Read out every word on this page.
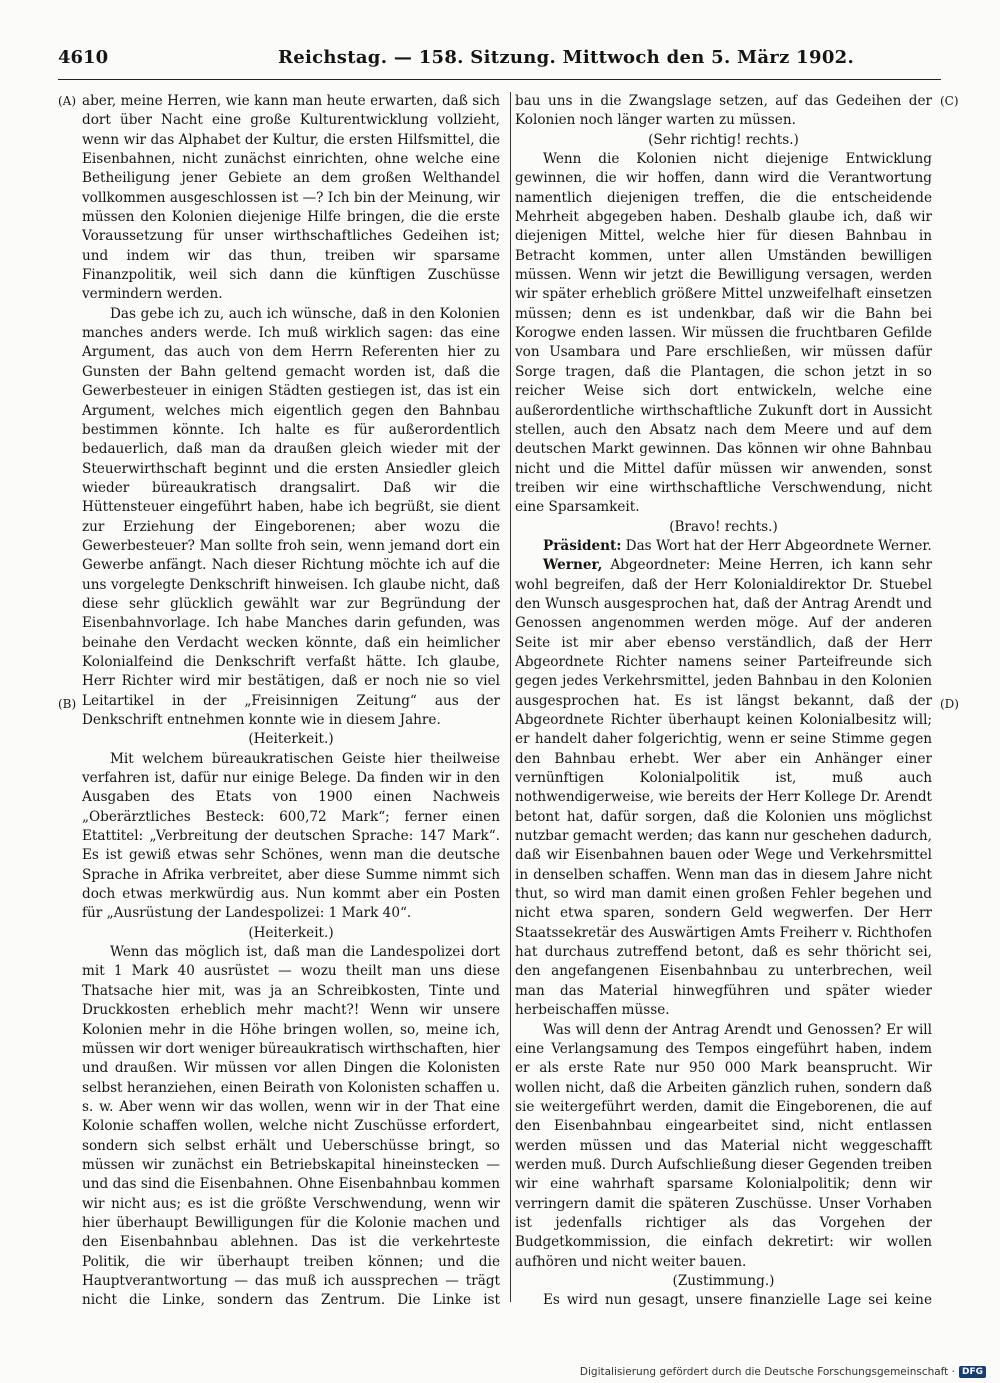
4610	Reichstag. — 158. Sitzung. Mittwoch den 5. März 1902.
(A)
(B)
(C)
(D)

aber, meine Herren, wie kann man heute erwarten, daß sich dort über Nacht eine große Kulturentwicklung vollzieht, wenn wir das Alphabet der Kultur, die ersten Hilfsmittel, die Eisenbahnen, nicht zunächst einrichten, ohne welche eine Betheiligung jener Gebiete an dem großen Welthandel vollkommen ausgeschlossen ist —? Ich bin der Meinung, wir müssen den Kolonien diejenige Hilfe bringen, die die erste Voraussetzung für unser wirthschaftliches Gedeihen ist; und indem wir das thun, treiben wir sparsame Finanzpolitik, weil sich dann die künftigen Zuschüsse vermindern werden.

Das gebe ich zu, auch ich wünsche, daß in den Kolonien manches anders werde. Ich muß wirklich sagen: das eine Argument, das auch von dem Herrn Referenten hier zu Gunsten der Bahn geltend gemacht worden ist, daß die Gewerbesteuer in einigen Städten gestiegen ist, das ist ein Argument, welches mich eigentlich gegen den Bahnbau bestimmen könnte. Ich halte es für außerordentlich bedauerlich, daß man da draußen gleich wieder mit der Steuerwirthschaft beginnt und die ersten Ansiedler gleich wieder büreaukratisch drangsalirt. Daß wir die Hüttensteuer eingeführt haben, habe ich begrüßt, sie dient zur Erziehung der Eingeborenen; aber wozu die Gewerbesteuer? Man sollte froh sein, wenn jemand dort ein Gewerbe anfängt. Nach dieser Richtung möchte ich auf die uns vorgelegte Denkschrift hinweisen. Ich glaube nicht, daß diese sehr glücklich gewählt war zur Begründung der Eisenbahnvorlage. Ich habe Manches darin gefunden, was beinahe den Verdacht wecken könnte, daß ein heimlicher Kolonialfeind die Denkschrift verfaßt hätte. Ich glaube, Herr Richter wird mir bestätigen, daß er noch nie so viel Leitartikel in der „Freisinnigen Zeitung“ aus der Denkschrift entnehmen konnte wie in diesem Jahre.

(Heiterkeit.)

Mit welchem büreaukratischen Geiste hier theilweise verfahren ist, dafür nur einige Belege. Da finden wir in den Ausgaben des Etats von 1900 einen Nachweis „Oberärztliches Besteck: 600,72 Mark“; ferner einen Etattitel: „Verbreitung der deutschen Sprache: 147 Mark“. Es ist gewiß etwas sehr Schönes, wenn man die deutsche Sprache in Afrika verbreitet, aber diese Summe nimmt sich doch etwas merkwürdig aus. Nun kommt aber ein Posten für „Ausrüstung der Landespolizei: 1 Mark 40“.

(Heiterkeit.)

Wenn das möglich ist, daß man die Landespolizei dort mit 1 Mark 40 ausrüstet — wozu theilt man uns diese Thatsache hier mit, was ja an Schreibkosten, Tinte und Druckkosten erheblich mehr macht?! Wenn wir unsere Kolonien mehr in die Höhe bringen wollen, so, meine ich, müssen wir dort weniger büreaukratisch wirthschaften, hier und draußen. Wir müssen vor allen Dingen die Kolonisten selbst heranziehen, einen Beirath von Kolonisten schaffen u. s. w. Aber wenn wir das wollen, wenn wir in der That eine Kolonie schaffen wollen, welche nicht Zuschüsse erfordert, sondern sich selbst erhält und Ueberschüsse bringt, so müssen wir zunächst ein Betriebskapital hineinstecken — und das sind die Eisenbahnen. Ohne Eisenbahnbau kommen wir nicht aus; es ist die größte Verschwendung, wenn wir hier überhaupt Bewilligungen für die Kolonie machen und den Eisenbahnbau ablehnen. Das ist die verkehrteste Politik, die wir überhaupt treiben können; und die Hauptverantwortung — das muß ich aussprechen — trägt nicht die Linke, sondern das Zentrum. Die Linke ist

bau uns in die Zwangslage setzen, auf das Gedeihen der Kolonien noch länger warten zu müssen.

(Sehr richtig! rechts.)

Wenn die Kolonien nicht diejenige Entwicklung gewinnen, die wir hoffen, dann wird die Verantwortung namentlich diejenigen treffen, die die entscheidende Mehrheit abgegeben haben. Deshalb glaube ich, daß wir diejenigen Mittel, welche hier für diesen Bahnbau in Betracht kommen, unter allen Umständen bewilligen müssen. Wenn wir jetzt die Bewilligung versagen, werden wir später erheblich größere Mittel unzweifelhaft einsetzen müssen; denn es ist undenkbar, daß wir die Bahn bei Korogwe enden lassen. Wir müssen die fruchtbaren Gefilde von Usambara und Pare erschließen, wir müssen dafür Sorge tragen, daß die Plantagen, die schon jetzt in so reicher Weise sich dort entwickeln, welche eine außerordentliche wirthschaftliche Zukunft dort in Aussicht stellen, auch den Absatz nach dem Meere und auf dem deutschen Markt gewinnen. Das können wir ohne Bahnbau nicht und die Mittel dafür müssen wir anwenden, sonst treiben wir eine wirthschaftliche Verschwendung, nicht eine Sparsamkeit.

(Bravo! rechts.)

Präsident: Das Wort hat der Herr Abgeordnete Werner.

Werner, Abgeordneter: Meine Herren, ich kann sehr wohl begreifen, daß der Herr Kolonialdirektor Dr. Stuebel den Wunsch ausgesprochen hat, daß der Antrag Arendt und Genossen angenommen werden möge. Auf der anderen Seite ist mir aber ebenso verständlich, daß der Herr Abgeordnete Richter namens seiner Parteifreunde sich gegen jedes Verkehrsmittel, jeden Bahnbau in den Kolonien ausgesprochen hat. Es ist längst bekannt, daß der Abgeordnete Richter überhaupt keinen Kolonialbesitz will; er handelt daher folgerichtig, wenn er seine Stimme gegen den Bahnbau erhebt. Wer aber ein Anhänger einer vernünftigen Kolonialpolitik ist, muß auch nothwendigerweise, wie bereits der Herr Kollege Dr. Arendt betont hat, dafür sorgen, daß die Kolonien uns möglichst nutzbar gemacht werden; das kann nur geschehen dadurch, daß wir Eisenbahnen bauen oder Wege und Verkehrsmittel in denselben schaffen. Wenn man das in diesem Jahre nicht thut, so wird man damit einen großen Fehler begehen und nicht etwa sparen, sondern Geld wegwerfen. Der Herr Staatssekretär des Auswärtigen Amts Freiherr v. Richthofen hat durchaus zutreffend betont, daß es sehr thöricht sei, den angefangenen Eisenbahnbau zu unterbrechen, weil man das Material hinwegführen und später wieder herbeischaffen müsse.

Was will denn der Antrag Arendt und Genossen? Er will eine Verlangsamung des Tempos eingeführt haben, indem er als erste Rate nur 950 000 Mark beansprucht. Wir wollen nicht, daß die Arbeiten gänzlich ruhen, sondern daß sie weitergeführt werden, damit die Eingeborenen, die auf den Eisenbahnbau eingearbeitet sind, nicht entlassen werden müssen und das Material nicht weggeschafft werden muß. Durch Aufschließung dieser Gegenden treiben wir eine wahrhaft sparsame Kolonialpolitik; denn wir verringern damit die späteren Zuschüsse. Unser Vorhaben ist jedenfalls richtiger als das Vorgehen der Budgetkommission, die einfach dekretirt: wir wollen aufhören und nicht weiter bauen.

(Zustimmung.)

Es wird nun gesagt, unsere finanzielle Lage sei keine

Digitalisierung gefördert durch die Deutsche Forschungsgemeinschaft · DFG
